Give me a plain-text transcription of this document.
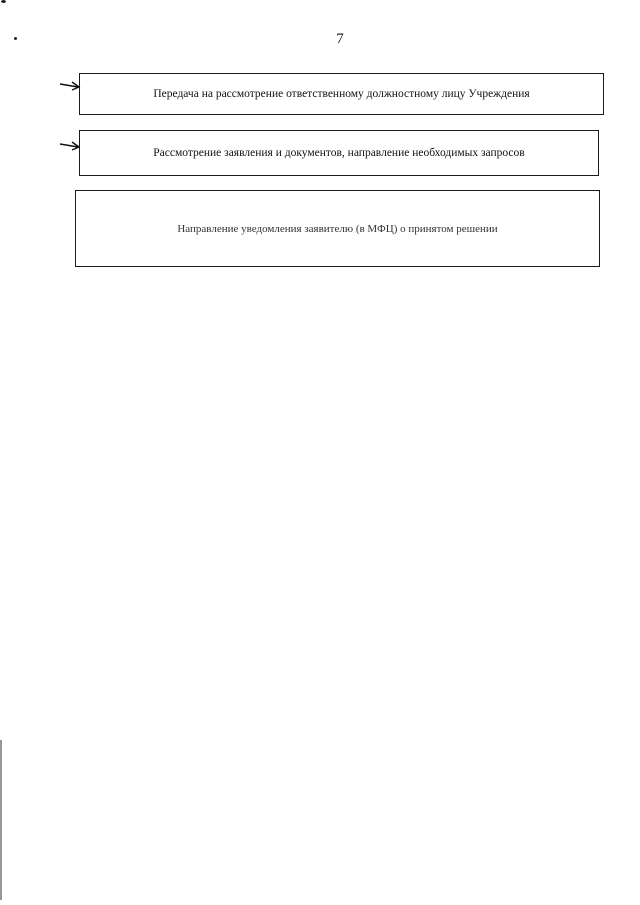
7
Передача на рассмотрение ответственному должностному лицу Учреждения
Рассмотрение заявления и документов, направление необходимых запросов
Направление уведомления заявителю (в МФЦ) о принятом решении
